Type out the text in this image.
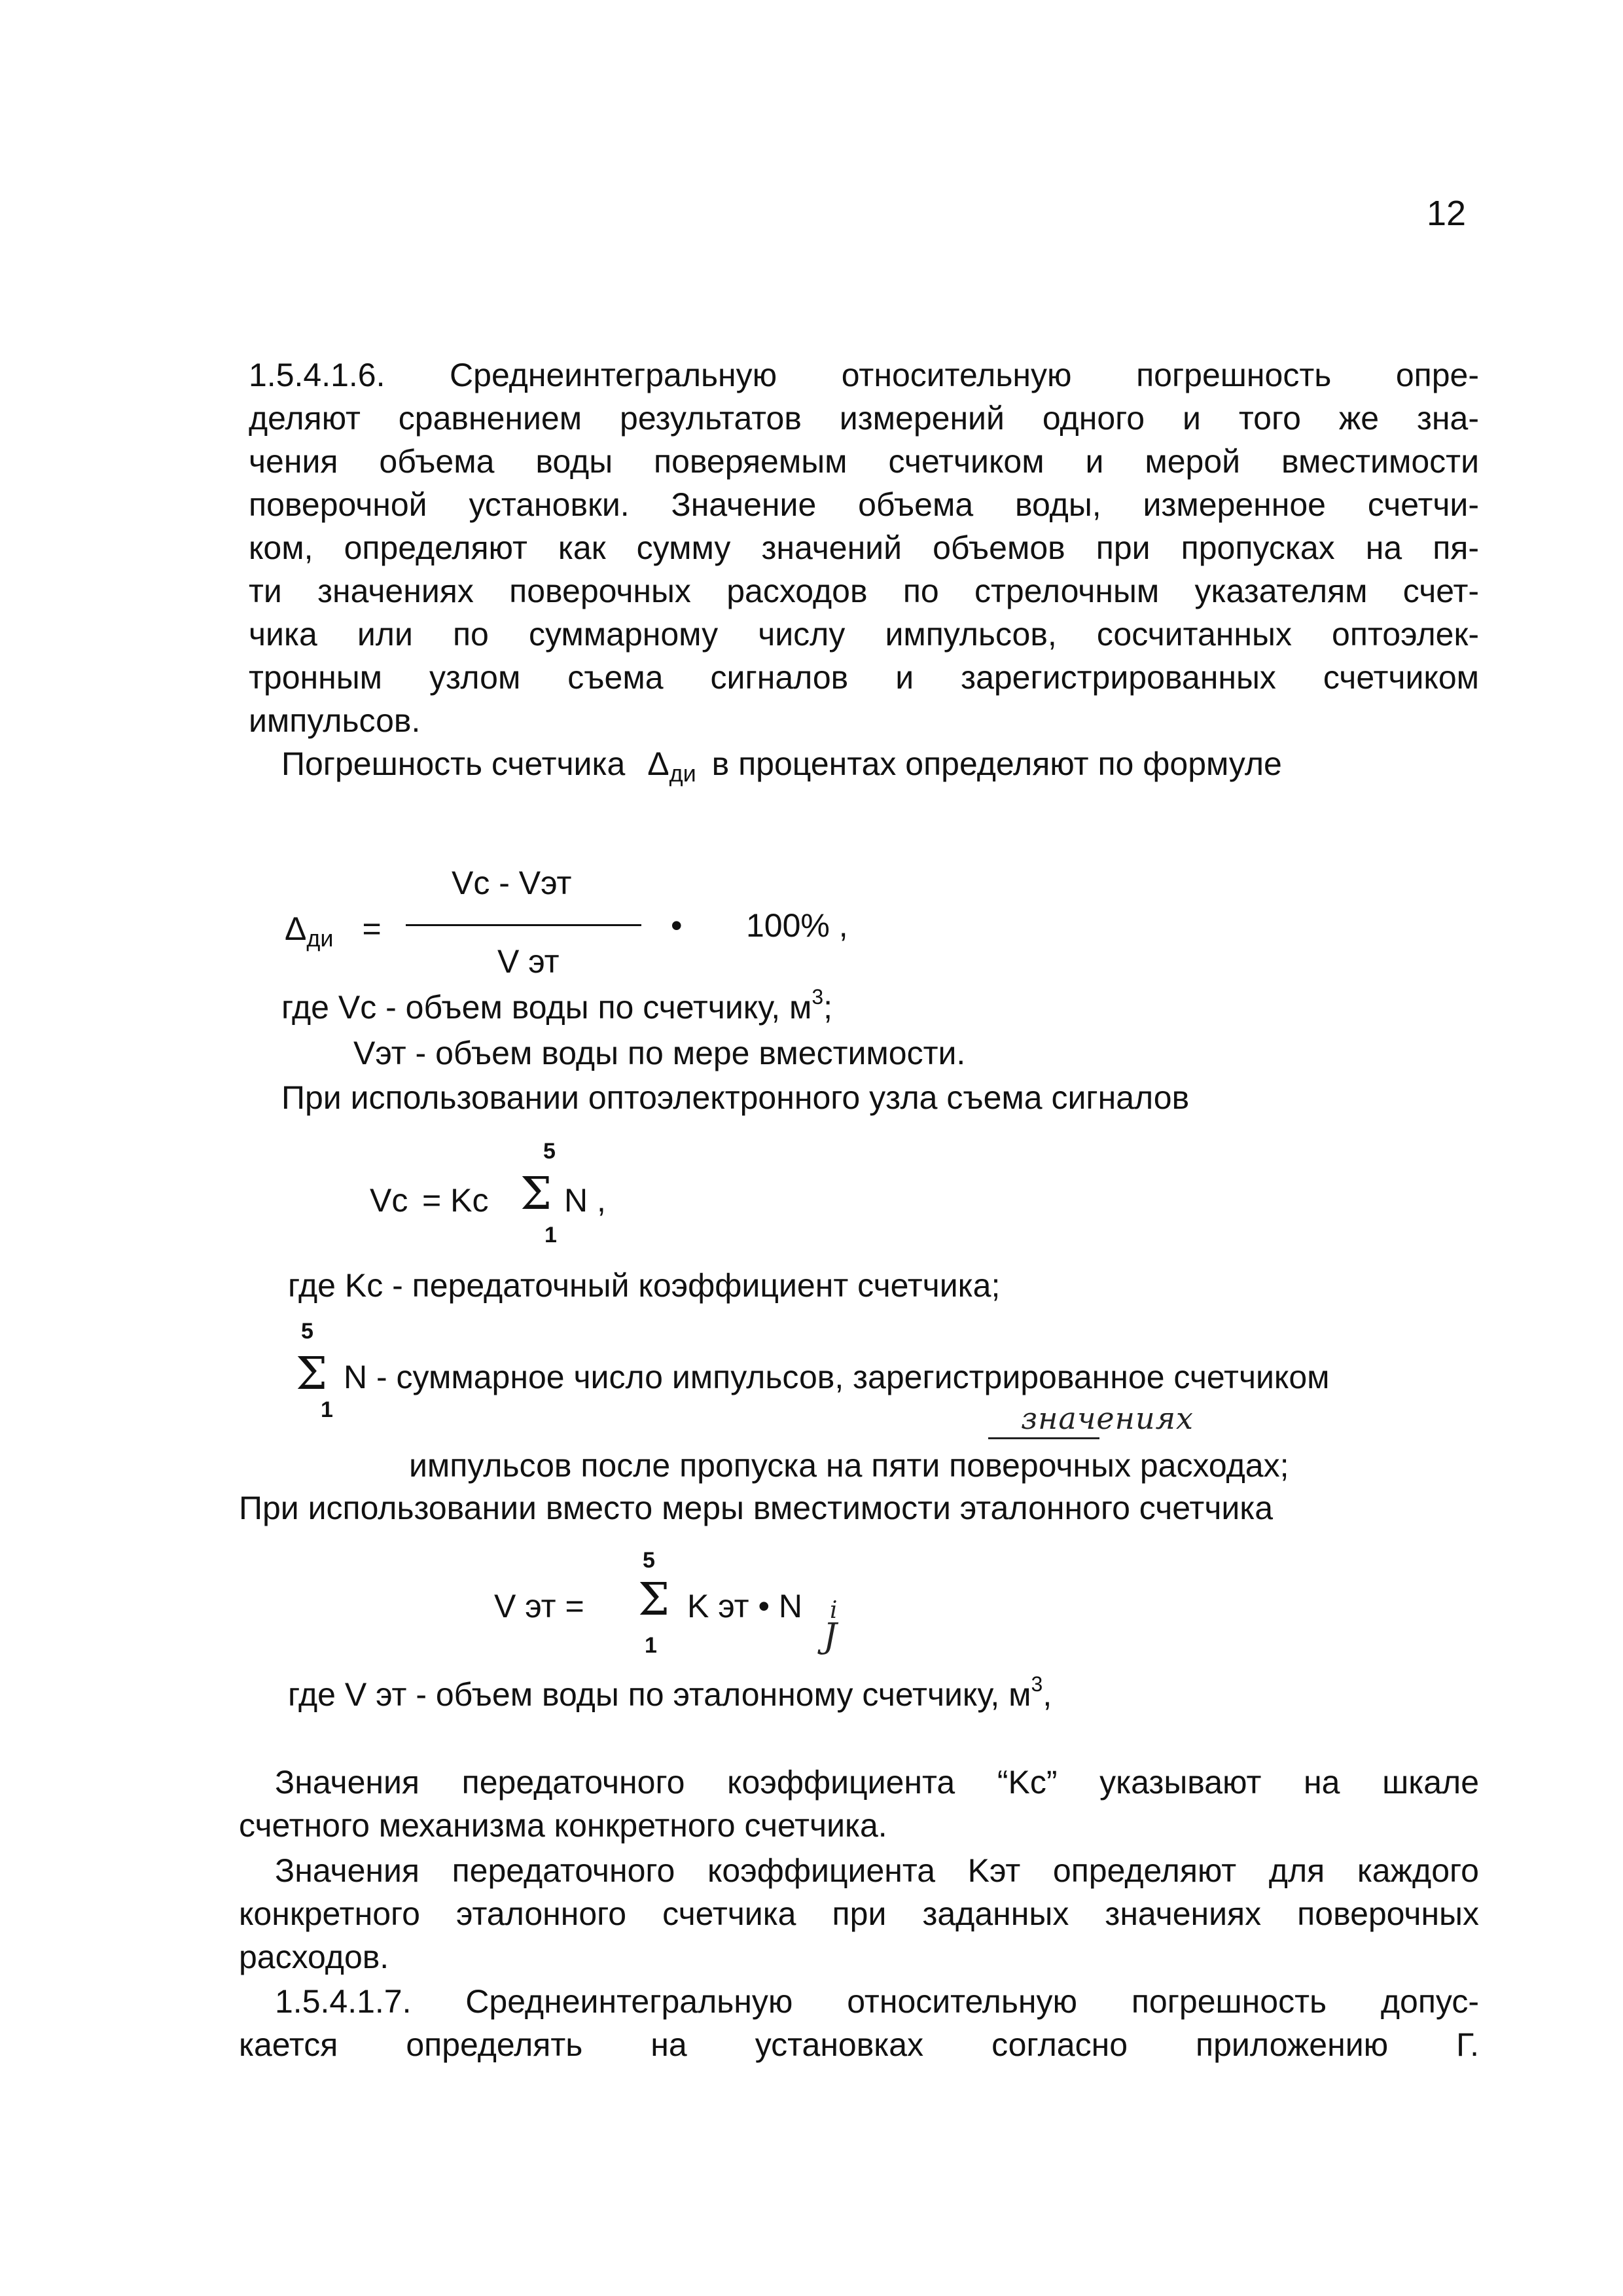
12
1.5.4.1.6. Среднеинтегральную относительную погрешность опре-
деляют сравнением результатов измерений одного и того же зна-
чения объема воды поверяемым счетчиком и мерой вместимости
поверочной установки. Значение объема воды, измеренное счетчи-
ком, определяют как сумму значений объемов при пропусках на пя-
ти значениях поверочных расходов по стрелочным указателям счет-
чика или по суммарному числу импульсов, сосчитанных оптоэлек-
тронным узлом съема сигналов и зарегистрированных счетчиком
импульсов.
Погрешность счетчика $\Delta_{ди}$ в процентах определяют по формуле
$\Delta_{ди}$ =
Vc - Vэт
V эт
• 100% ,
где Vc - объем воды по счетчику, $м^3$;
Vэт - объем воды по мере вместимости.
При использовании оптоэлектронного узла съема сигналов
5
Vc = Kc Σ N ,
1
где Kc - передаточный коэффициент счетчика;
5
Σ
1
N - суммарное число импульсов, зарегистрированное счетчиком
значениях
импульсов после пропуска на пяти поверочных расходах;
При использовании вместо меры вместимости эталонного счетчика
5
V эт = Σ K эт • N i
J
1
где V эт - объем воды по эталонному счетчику, $м^3$,
Значения передаточного коэффициента “Kc” указывают на шкале
счетного механизма конкретного счетчика.
Значения передаточного коэффициента Kэт определяют для каждого
конкретного эталонного счетчика при заданных значениях поверочных
расходов.
1.5.4.1.7. Среднеинтегральную относительную погрешность допус-
кается определять на установках согласно приложению Г.
